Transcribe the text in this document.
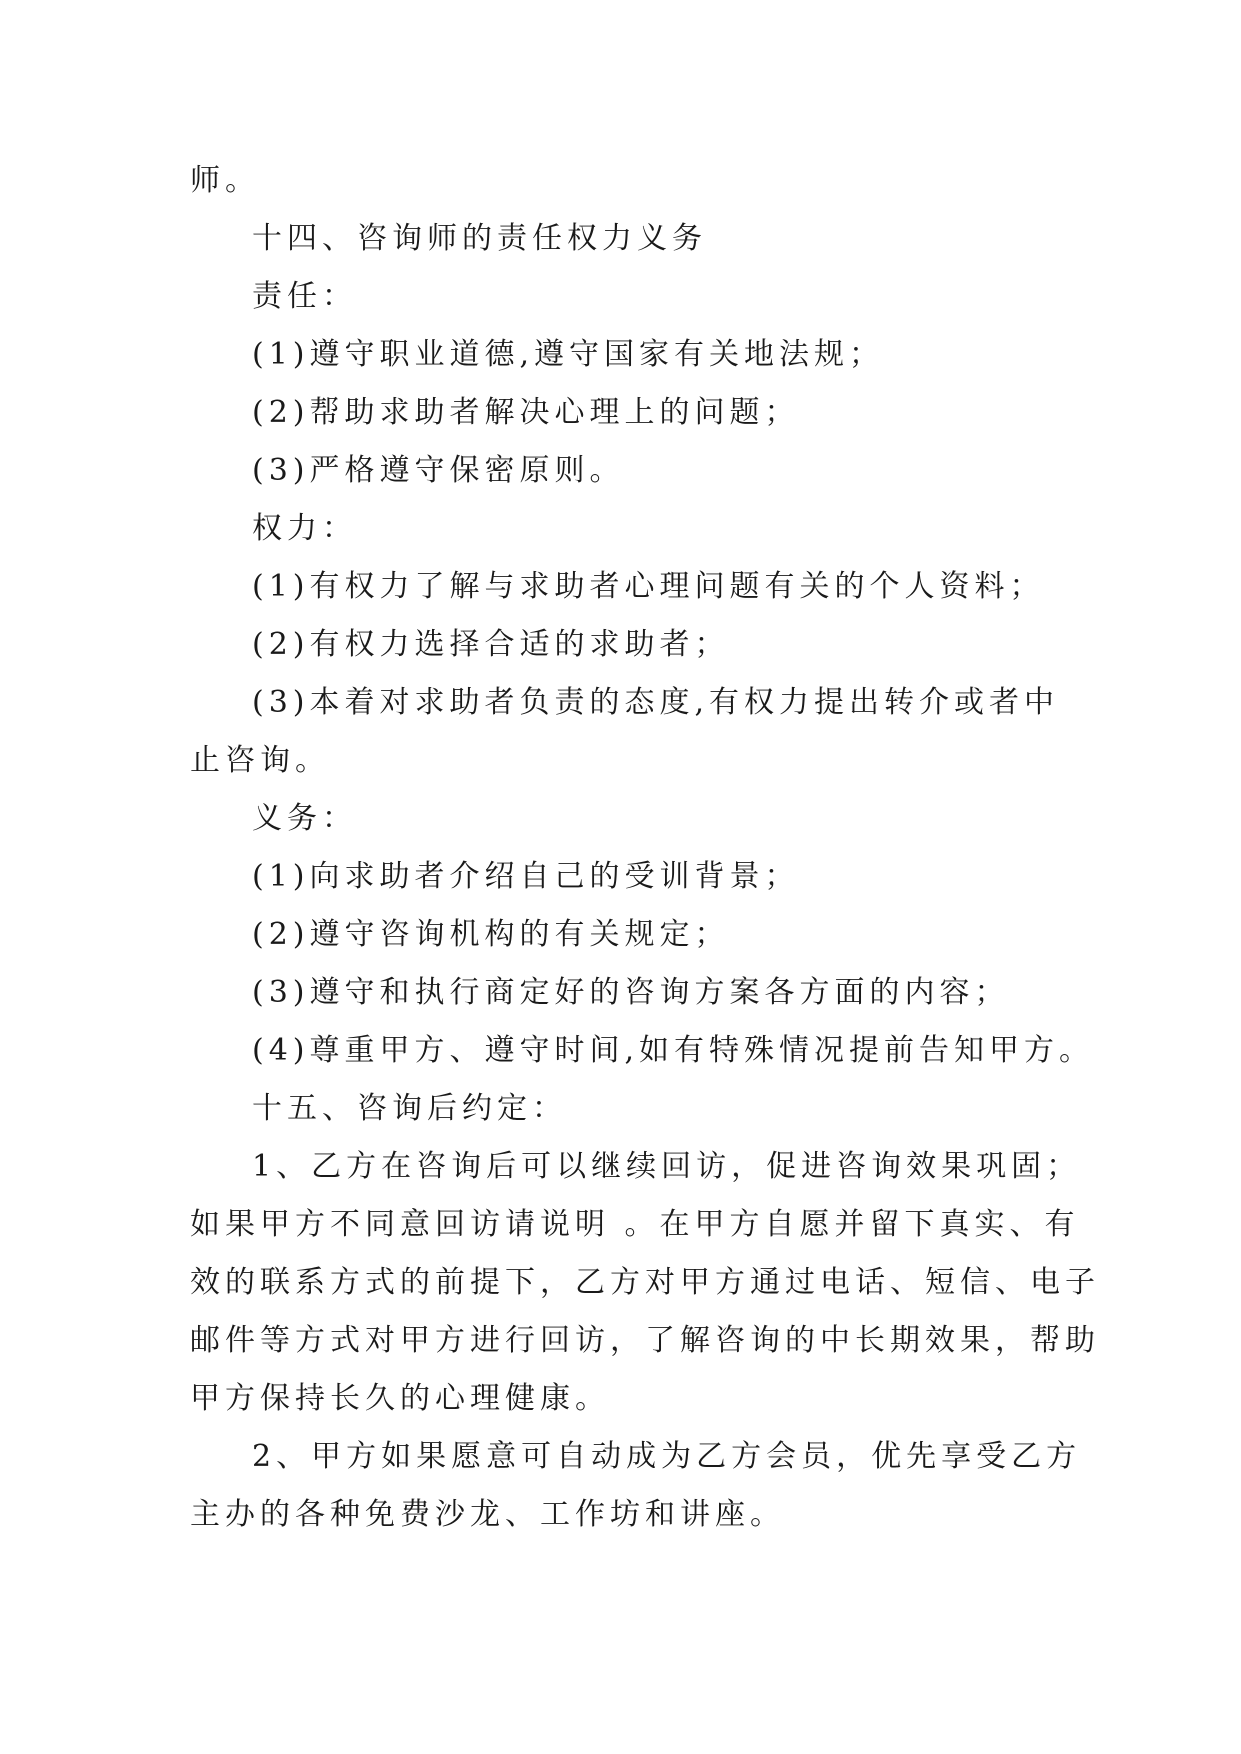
师。

十四、咨询师的责任权力义务

责任：

(1)遵守职业道德,遵守国家有关地法规；

(2)帮助求助者解决心理上的问题；

(3)严格遵守保密原则。

权力：

(1)有权力了解与求助者心理问题有关的个人资料；

(2)有权力选择合适的求助者；

(3)本着对求助者负责的态度,有权力提出转介或者中

止咨询。

义务：

(1)向求助者介绍自己的受训背景；

(2)遵守咨询机构的有关规定；

(3)遵守和执行商定好的咨询方案各方面的内容；

(4)尊重甲方、遵守时间,如有特殊情况提前告知甲方。

十五、咨询后约定：

1、乙方在咨询后可以继续回访，促进咨询效果巩固；

如果甲方不同意回访请说明 。在甲方自愿并留下真实、有

效的联系方式的前提下，乙方对甲方通过电话、短信、电子

邮件等方式对甲方进行回访，了解咨询的中长期效果，帮助

甲方保持长久的心理健康。

2、甲方如果愿意可自动成为乙方会员，优先享受乙方

主办的各种免费沙龙、工作坊和讲座。
